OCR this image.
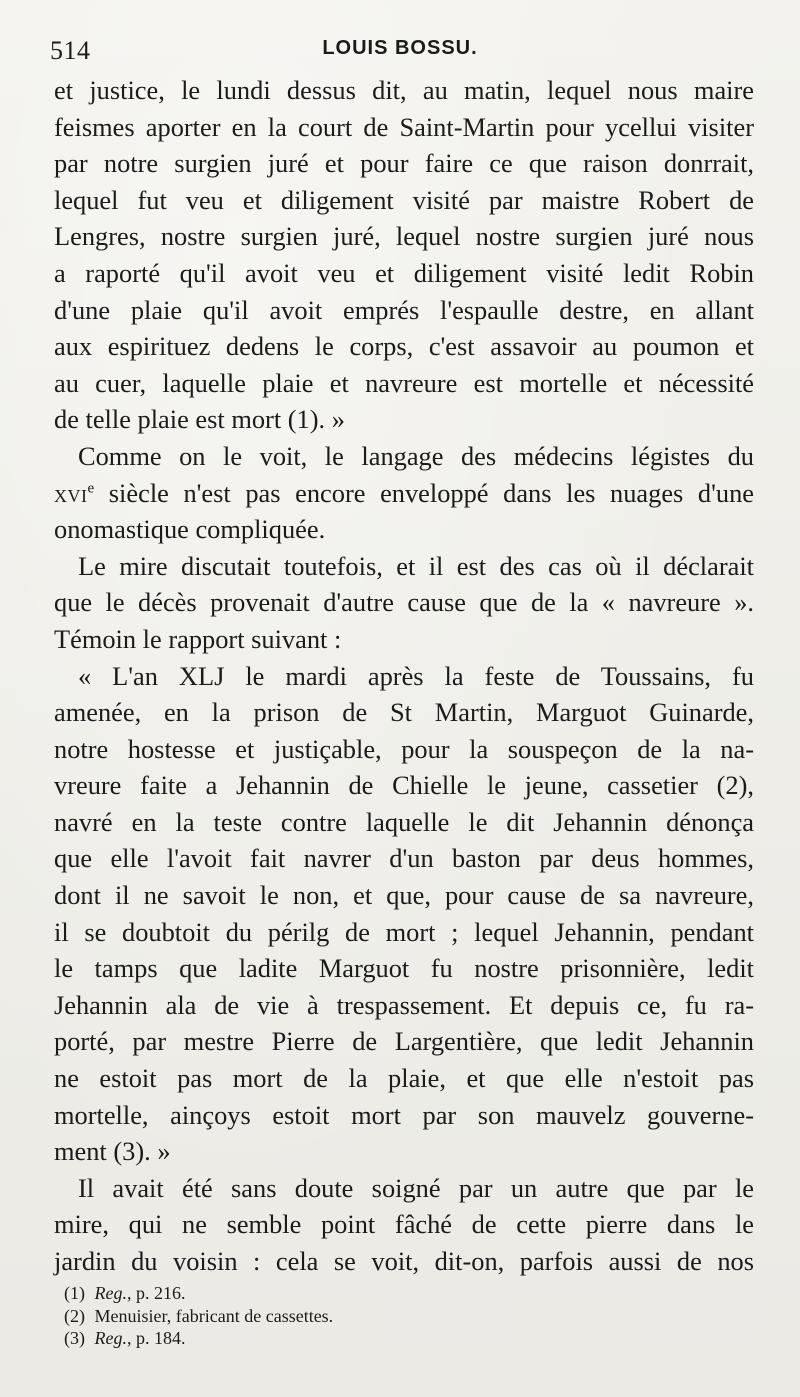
514	LOUIS BOSSU.
et justice, le lundi dessus dit, au matin, lequel nous maire
feismes aporter en la court de Saint-Martin pour ycellui visiter
par notre surgien juré et pour faire ce que raison donrrait,
lequel fut veu et diligement visité par maistre Robert de
Lengres, nostre surgien juré, lequel nostre surgien juré nous
a raporté qu'il avoit veu et diligement visité ledit Robin
d'une plaie qu'il avoit emprés l'espaulle destre, en allant
aux espirituez dedens le corps, c'est assavoir au poumon et
au cuer, laquelle plaie et navreure est mortelle et nécessité
de telle plaie est mort (1). »
Comme on le voit, le langage des médecins légistes du
xvi$^e$ siècle n'est pas encore enveloppé dans les nuages d'une
onomastique compliquée.
Le mire discutait toutefois, et il est des cas où il déclarait
que le décès provenait d'autre cause que de la « navreure ».
Témoin le rapport suivant :
« L'an XLJ le mardi après la feste de Toussains, fu
amenée, en la prison de St Martin, Marguot Guinarde,
notre hostesse et justiçable, pour la souspeçon de la na-
vreure faite a Jehannin de Chielle le jeune, cassetier (2),
navré en la teste contre laquelle le dit Jehannin dénonça
que elle l'avoit fait navrer d'un baston par deus hommes,
dont il ne savoit le non, et que, pour cause de sa navreure,
il se doubtoit du périlg de mort ; lequel Jehannin, pendant
le tamps que ladite Marguot fu nostre prisonnière, ledit
Jehannin ala de vie à trespassement. Et depuis ce, fu ra-
porté, par mestre Pierre de Largentière, que ledit Jehannin
ne estoit pas mort de la plaie, et que elle n'estoit pas
mortelle, ainçoys estoit mort par son mauvelz gouverne-
ment (3). »
Il avait été sans doute soigné par un autre que par le
mire, qui ne semble point fâché de cette pierre dans le
jardin du voisin : cela se voit, dit-on, parfois aussi de nos
(1) Reg., p. 216.
(2) Menuisier, fabricant de cassettes.
(3) Reg., p. 184.
